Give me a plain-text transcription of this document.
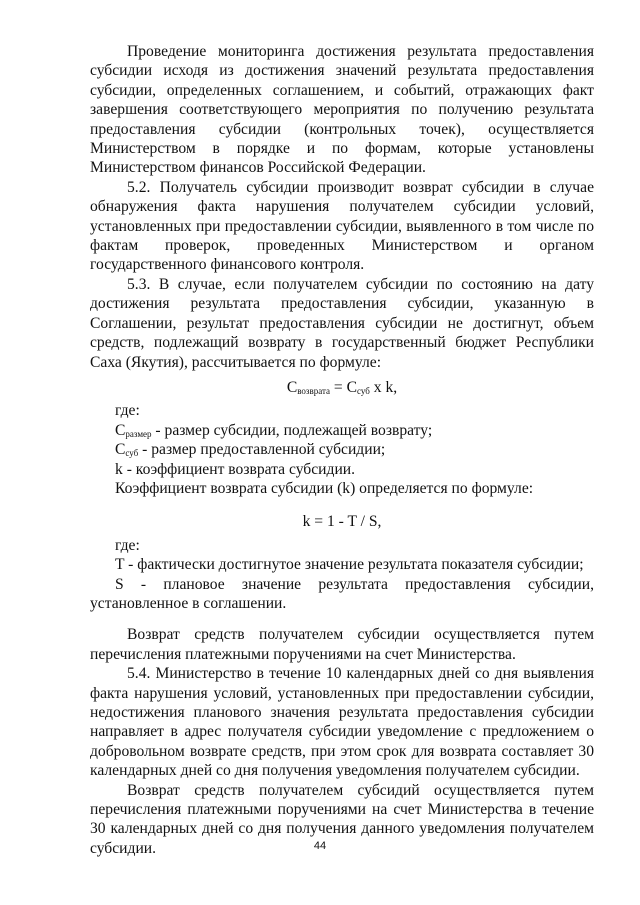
Проведение мониторинга достижения результата предоставления субсидии исходя из достижения значений результата предоставления субсидии, определенных соглашением, и событий, отражающих факт завершения соответствующего мероприятия по получению результата предоставления субсидии (контрольных точек), осуществляется Министерством в порядке и по формам, которые установлены Министерством финансов Российской Федерации.

5.2. Получатель субсидии производит возврат субсидии в случае обнаружения факта нарушения получателем субсидии условий, установленных при предоставлении субсидии, выявленного в том числе по фактам проверок, проведенных Министерством и органом государственного финансового контроля.

5.3. В случае, если получателем субсидии по состоянию на дату достижения результата предоставления субсидии, указанную в Соглашении, результат предоставления субсидии не достигнут, объем средств, подлежащий возврату в государственный бюджет Республики Саха (Якутия), рассчитывается по формуле:

$C_{возврата} = C_{суб}$ x k,

где:

$C_{размер}$ - размер субсидии, подлежащей возврату;

$C_{суб}$ - размер предоставленной субсидии;

k - коэффициент возврата субсидии.

Коэффициент возврата субсидии (k) определяется по формуле:

k = 1 - T / S,

где:

T - фактически достигнутое значение результата показателя субсидии;

S - плановое значение результата предоставления субсидии, установленное в соглашении.

Возврат средств получателем субсидии осуществляется путем перечисления платежными поручениями на счет Министерства.

5.4. Министерство в течение 10 календарных дней со дня выявления факта нарушения условий, установленных при предоставлении субсидии, недостижения планового значения результата предоставления субсидии направляет в адрес получателя субсидии уведомление с предложением о добровольном возврате средств, при этом срок для возврата составляет 30 календарных дней со дня получения уведомления получателем субсидии.

Возврат средств получателем субсидий осуществляется путем перечисления платежными поручениями на счет Министерства в течение 30 календарных дней со дня получения данного уведомления получателем субсидии.	44
